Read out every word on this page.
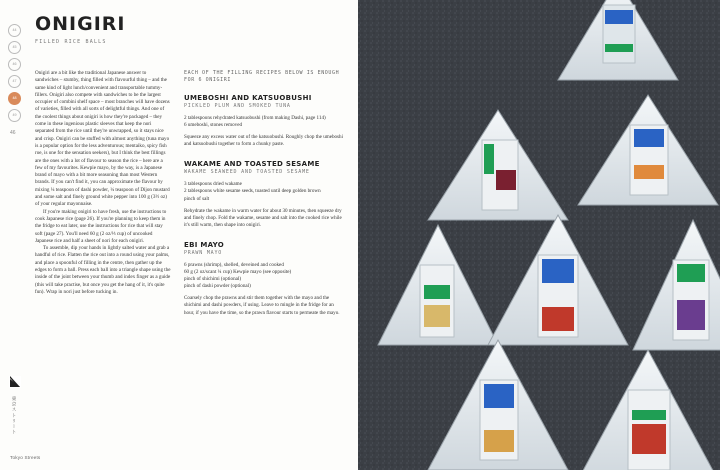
44
45
46
47
48
49
46
ONIGIRI
FILLED RICE BALLS

Onigiri are a bit like the traditional Japanese answer to sandwiches – stumby, thing filled with flavourful thing – and the same kind of light lunch/convenient and transportable tummy-fillers. Onigiri also compete with sandwiches to be the largest occupier of combini shelf space – most branches will have dozens of varieties, filled with all sorts of delightful things. And one of the coolest things about onigiri is how they're packaged – they come in these ingenious plastic sleeves that keep the nori separated from the rice until they're unwrapped, so it stays nice and crisp. Onigiri can be stuffed with almost anything (tuna mayo is a popular option for the less adventurous; mentaiko, spicy fish roe, is one for the sensation seekers), but I think the best fillings are the ones with a lot of flavour to season the rice – here are a few of my favourites. Kewpie mayo, by the way, is a Japanese brand of mayo with a bit more seasoning than most Western brands. If you can't find it, you can approximate the flavour by mixing ¼ teaspoon of dashi powder, ¼ teaspoon of Dijon mustard and some salt and finely ground white pepper into 100 g (3½ oz) of your regular mayonnaise.

If you're making onigiri to have fresh, use the instructions to cook Japanese rice (page 26). If you're planning to keep them in the fridge to eat later, use the instructions for rice that will stay soft (page 27). You'll need 60 g (2 oz/⅓ cup) of uncooked Japanese rice and half a sheet of nori for each onigiri.

To assemble, dip your hands in lightly salted water and grab a handful of rice. Flatten the rice out into a round using your palms, and place a spoonful of filling in the centre, then gather up the edges to form a ball. Press each ball into a triangle shape using the inside of the joint between your thumb and index finger as a guide (this will take practise, but once you get the hang of it, it's quite fun). Wrap in nori just before tucking in.

EACH OF THE FILLING RECIPES BELOW IS ENOUGH FOR 6 ONIGIRI
UMEBOSHI AND KATSUOBUSHI
PICKLED PLUM AND SMOKED TUNA
2 tablespoons rehydrated katsuobushi (from making Dashi, page 114)
6 umeboshi, stones removed

Squeeze any excess water out of the katsuobushi. Roughly chop the umeboshi and katsuobushi together to form a chunky paste.

WAKAME AND TOASTED SESAME
WAKAME SEAWEED AND TOASTED SESAME
3 tablespoons dried wakame
2 tablespoons white sesame seeds, toasted until deep golden brown
pinch of salt

Rehydrate the wakame in warm water for about 30 minutes, then squeeze dry and finely chop. Fold the wakame, sesame and salt into the cooked rice while it's still warm, then shape into onigiri.

EBI MAYO
PRAWN MAYO
6 prawns (shrimp), shelled, deveined and cooked
60 g (2 oz/scant ¼ cup) Kewpie mayo (see opposite)
pinch of shichimi (optional)
pinch of dashi powder (optional)

Coarsely chop the prawns and stir them together with the mayo and the shichimi and dashi powders, if using. Leave to mingle in the fridge for an hour, if you have the time, so the prawn flavour starts to permeate the mayo.

東京ストリート
Tokyo Streets
